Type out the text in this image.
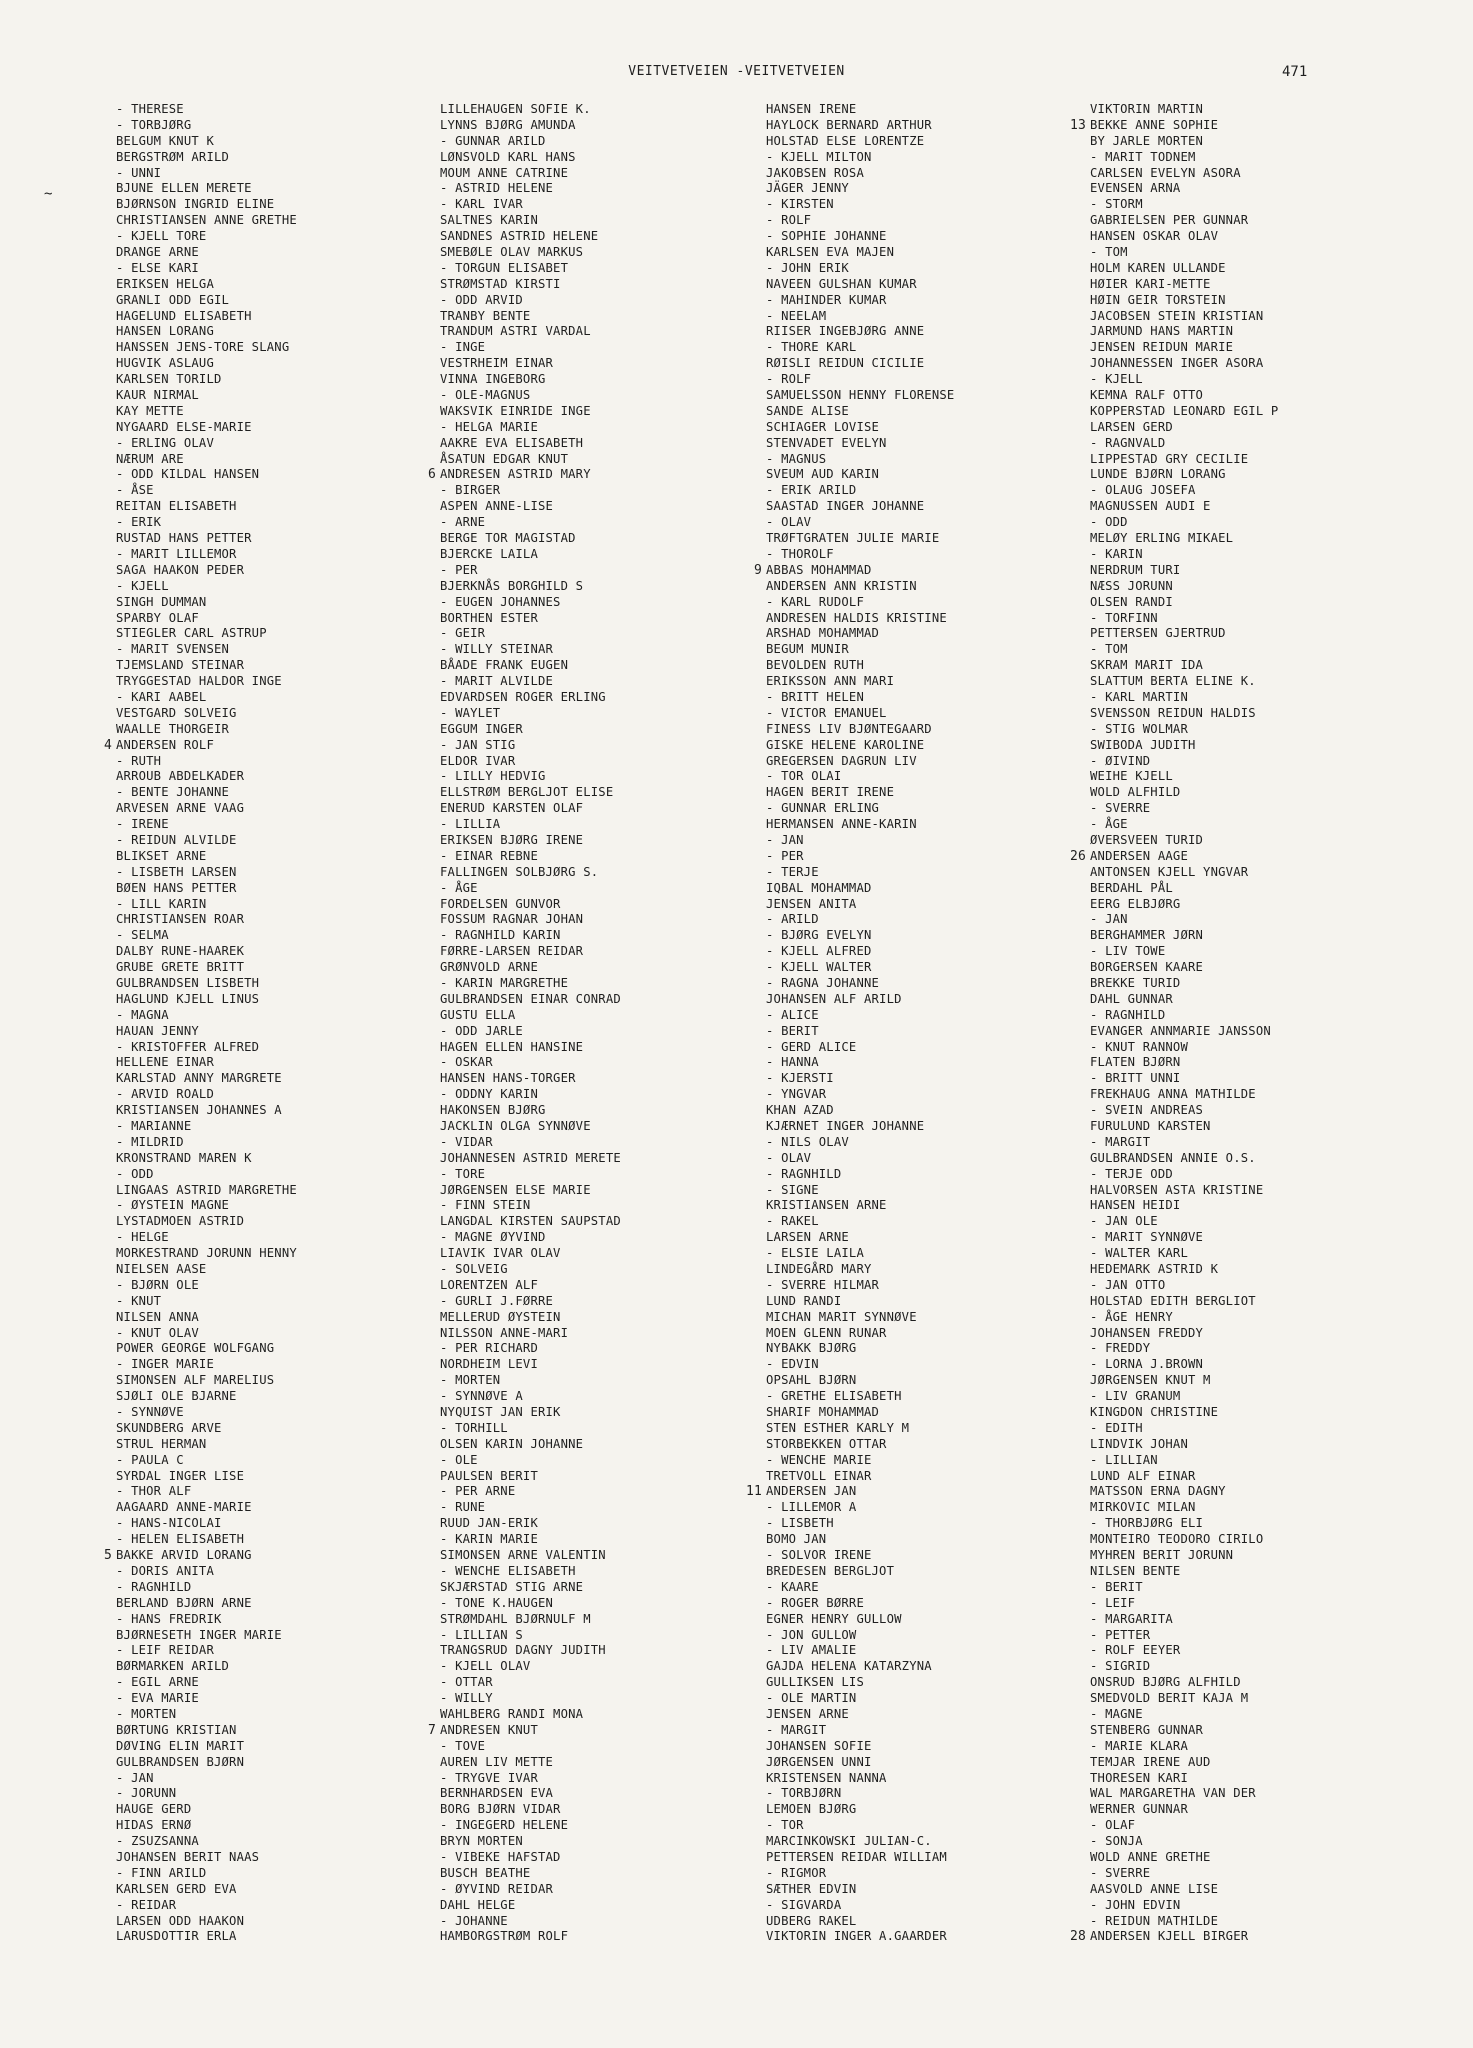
VEITVETVEIEN -VEITVETVEIEN	471
~
- THERESE
- TORBJØRG
BELGUM KNUT K
BERGSTRØM ARILD
- UNNI
BJUNE ELLEN MERETE
BJØRNSON INGRID ELINE
CHRISTIANSEN ANNE GRETHE
- KJELL TORE
DRANGE ARNE
- ELSE KARI
ERIKSEN HELGA
GRANLI ODD EGIL
HAGELUND ELISABETH
HANSEN LORANG
HANSSEN JENS-TORE SLANG
HUGVIK ASLAUG
KARLSEN TORILD
KAUR NIRMAL
KAY METTE
NYGAARD ELSE-MARIE
- ERLING OLAV
NÆRUM ARE
- ODD KILDAL HANSEN
- ÅSE
REITAN ELISABETH
- ERIK
RUSTAD HANS PETTER
- MARIT LILLEMOR
SAGA HAAKON PEDER
- KJELL
SINGH DUMMAN
SPARBY OLAF
STIEGLER CARL ASTRUP
- MARIT SVENSEN
TJEMSLAND STEINAR
TRYGGESTAD HALDOR INGE
- KARI AABEL
VESTGARD SOLVEIG
WAALLE THORGEIR
4 ANDERSEN ROLF
- RUTH
ARROUB ABDELKADER
- BENTE JOHANNE
ARVESEN ARNE VAAG
- IRENE
- REIDUN ALVILDE
BLIKSET ARNE
- LISBETH LARSEN
BØEN HANS PETTER
- LILL KARIN
CHRISTIANSEN ROAR
- SELMA
DALBY RUNE-HAAREK
GRUBE GRETE BRITT
GULBRANDSEN LISBETH
HAGLUND KJELL LINUS
- MAGNA
HAUAN JENNY
- KRISTOFFER ALFRED
HELLENE EINAR
KARLSTAD ANNY MARGRETE
- ARVID ROALD
KRISTIANSEN JOHANNES A
- MARIANNE
- MILDRID
KRONSTRAND MAREN K
- ODD
LINGAAS ASTRID MARGRETHE
- ØYSTEIN MAGNE
LYSTADMOEN ASTRID
- HELGE
MORKESTRAND JORUNN HENNY
NIELSEN AASE
- BJØRN OLE
- KNUT
NILSEN ANNA
- KNUT OLAV
POWER GEORGE WOLFGANG
- INGER MARIE
SIMONSEN ALF MARELIUS
SJØLI OLE BJARNE
- SYNNØVE
SKUNDBERG ARVE
STRUL HERMAN
- PAULA C
SYRDAL INGER LISE
- THOR ALF
AAGAARD ANNE-MARIE
- HANS-NICOLAI
- HELEN ELISABETH
5 BAKKE ARVID LORANG
- DORIS ANITA
- RAGNHILD
BERLAND BJØRN ARNE
- HANS FREDRIK
BJØRNESETH INGER MARIE
- LEIF REIDAR
BØRMARKEN ARILD
- EGIL ARNE
- EVA MARIE
- MORTEN
BØRTUNG KRISTIAN
DØVING ELIN MARIT
GULBRANDSEN BJØRN
- JAN
- JORUNN
HAUGE GERD
HIDAS ERNØ
- ZSUZSANNA
JOHANSEN BERIT NAAS
- FINN ARILD
KARLSEN GERD EVA
- REIDAR
LARSEN ODD HAAKON
LARUSDOTTIR ERLA
LILLEHAUGEN SOFIE K.
LYNNS BJØRG AMUNDA
- GUNNAR ARILD
LØNSVOLD KARL HANS
MOUM ANNE CATRINE
- ASTRID HELENE
- KARL IVAR
SALTNES KARIN
SANDNES ASTRID HELENE
SMEBØLE OLAV MARKUS
- TORGUN ELISABET
STRØMSTAD KIRSTI
- ODD ARVID
TRANBY BENTE
TRANDUM ASTRI VARDAL
- INGE
VESTRHEIM EINAR
VINNA INGEBORG
- OLE-MAGNUS
WAKSVIK EINRIDE INGE
- HELGA MARIE
AAKRE EVA ELISABETH
ÅSATUN EDGAR KNUT
6 ANDRESEN ASTRID MARY
- BIRGER
ASPEN ANNE-LISE
- ARNE
BERGE TOR MAGISTAD
BJERCKE LAILA
- PER
BJERKNÅS BORGHILD S
- EUGEN JOHANNES
BORTHEN ESTER
- GEIR
- WILLY STEINAR
BÅADE FRANK EUGEN
- MARIT ALVILDE
EDVARDSEN ROGER ERLING
- WAYLET
EGGUM INGER
- JAN STIG
ELDOR IVAR
- LILLY HEDVIG
ELLSTRØM BERGLJOT ELISE
ENERUD KARSTEN OLAF
- LILLIA
ERIKSEN BJØRG IRENE
- EINAR REBNE
FALLINGEN SOLBJØRG S.
- ÅGE
FORDELSEN GUNVOR
FOSSUM RAGNAR JOHAN
- RAGNHILD KARIN
FØRRE-LARSEN REIDAR
GRØNVOLD ARNE
- KARIN MARGRETHE
GULBRANDSEN EINAR CONRAD
GUSTU ELLA
- ODD JARLE
HAGEN ELLEN HANSINE
- OSKAR
HANSEN HANS-TORGER
- ODDNY KARIN
HAKONSEN BJØRG
JACKLIN OLGA SYNNØVE
- VIDAR
JOHANNESEN ASTRID MERETE
- TORE
JØRGENSEN ELSE MARIE
- FINN STEIN
LANGDAL KIRSTEN SAUPSTAD
- MAGNE ØYVIND
LIAVIK IVAR OLAV
- SOLVEIG
LORENTZEN ALF
- GURLI J.FØRRE
MELLERUD ØYSTEIN
NILSSON ANNE-MARI
- PER RICHARD
NORDHEIM LEVI
- MORTEN
- SYNNØVE A
NYQUIST JAN ERIK
- TORHILL
OLSEN KARIN JOHANNE
- OLE
PAULSEN BERIT
- PER ARNE
- RUNE
RUUD JAN-ERIK
- KARIN MARIE
SIMONSEN ARNE VALENTIN
- WENCHE ELISABETH
SKJÆRSTAD STIG ARNE
- TONE K.HAUGEN
STRØMDAHL BJØRNULF M
- LILLIAN S
TRANGSRUD DAGNY JUDITH
- KJELL OLAV
- OTTAR
- WILLY
WAHLBERG RANDI MONA
7 ANDRESEN KNUT
- TOVE
AUREN LIV METTE
- TRYGVE IVAR
BERNHARDSEN EVA
BORG BJØRN VIDAR
- INGEGERD HELENE
BRYN MORTEN
- VIBEKE HAFSTAD
BUSCH BEATHE
- ØYVIND REIDAR
DAHL HELGE
- JOHANNE
HAMBORGSTRØM ROLF
HANSEN IRENE
HAYLOCK BERNARD ARTHUR
HOLSTAD ELSE LORENTZE
- KJELL MILTON
JAKOBSEN ROSA
JÄGER JENNY
- KIRSTEN
- ROLF
- SOPHIE JOHANNE
KARLSEN EVA MAJEN
- JOHN ERIK
NAVEEN GULSHAN KUMAR
- MAHINDER KUMAR
- NEELAM
RIISER INGEBJØRG ANNE
- THORE KARL
RØISLI REIDUN CICILIE
- ROLF
SAMUELSSON HENNY FLORENSE
SANDE ALISE
SCHIAGER LOVISE
STENVADET EVELYN
- MAGNUS
SVEUM AUD KARIN
- ERIK ARILD
SAASTAD INGER JOHANNE
- OLAV
TRØFTGRATEN JULIE MARIE
- THOROLF
9 ABBAS MOHAMMAD
ANDERSEN ANN KRISTIN
- KARL RUDOLF
ANDRESEN HALDIS KRISTINE
ARSHAD MOHAMMAD
BEGUM MUNIR
BEVOLDEN RUTH
ERIKSSON ANN MARI
- BRITT HELEN
- VICTOR EMANUEL
FINESS LIV BJØNTEGAARD
GISKE HELENE KAROLINE
GREGERSEN DAGRUN LIV
- TOR OLAI
HAGEN BERIT IRENE
- GUNNAR ERLING
HERMANSEN ANNE-KARIN
- JAN
- PER
- TERJE
IQBAL MOHAMMAD
JENSEN ANITA
- ARILD
- BJØRG EVELYN
- KJELL ALFRED
- KJELL WALTER
- RAGNA JOHANNE
JOHANSEN ALF ARILD
- ALICE
- BERIT
- GERD ALICE
- HANNA
- KJERSTI
- YNGVAR
KHAN AZAD
KJÆRNET INGER JOHANNE
- NILS OLAV
- OLAV
- RAGNHILD
- SIGNE
KRISTIANSEN ARNE
- RAKEL
LARSEN ARNE
- ELSIE LAILA
LINDEGÅRD MARY
- SVERRE HILMAR
LUND RANDI
MICHAN MARIT SYNNØVE
MOEN GLENN RUNAR
NYBAKK BJØRG
- EDVIN
OPSAHL BJØRN
- GRETHE ELISABETH
SHARIF MOHAMMAD
STEN ESTHER KARLY M
STORBEKKEN OTTAR
- WENCHE MARIE
TRETVOLL EINAR
11 ANDERSEN JAN
- LILLEMOR A
- LISBETH
BOMO JAN
- SOLVOR IRENE
BREDESEN BERGLJOT
- KAARE
- ROGER BØRRE
EGNER HENRY GULLOW
- JON GULLOW
- LIV AMALIE
GAJDA HELENA KATARZYNA
GULLIKSEN LIS
- OLE MARTIN
JENSEN ARNE
- MARGIT
JOHANSEN SOFIE
JØRGENSEN UNNI
KRISTENSEN NANNA
- TORBJØRN
LEMOEN BJØRG
- TOR
MARCINKOWSKI JULIAN-C.
PETTERSEN REIDAR WILLIAM
- RIGMOR
SÆTHER EDVIN
- SIGVARDA
UDBERG RAKEL
VIKTORIN INGER A.GAARDER
VIKTORIN MARTIN
13 BEKKE ANNE SOPHIE
BY JARLE MORTEN
- MARIT TODNEM
CARLSEN EVELYN ASORA
EVENSEN ARNA
- STORM
GABRIELSEN PER GUNNAR
HANSEN OSKAR OLAV
- TOM
HOLM KAREN ULLANDE
HØIER KARI-METTE
HØIN GEIR TORSTEIN
JACOBSEN STEIN KRISTIAN
JARMUND HANS MARTIN
JENSEN REIDUN MARIE
JOHANNESSEN INGER ASORA
- KJELL
KEMNA RALF OTTO
KOPPERSTAD LEONARD EGIL P
LARSEN GERD
- RAGNVALD
LIPPESTAD GRY CECILIE
LUNDE BJØRN LORANG
- OLAUG JOSEFA
MAGNUSSEN AUDI E
- ODD
MELØY ERLING MIKAEL
- KARIN
NERDRUM TURI
NÆSS JORUNN
OLSEN RANDI
- TORFINN
PETTERSEN GJERTRUD
- TOM
SKRAM MARIT IDA
SLATTUM BERTA ELINE K.
- KARL MARTIN
SVENSSON REIDUN HALDIS
- STIG WOLMAR
SWIBODA JUDITH
- ØIVIND
WEIHE KJELL
WOLD ALFHILD
- SVERRE
- ÅGE
ØVERSVEEN TURID
26 ANDERSEN AAGE
ANTONSEN KJELL YNGVAR
BERDAHL PÅL
EERG ELBJØRG
- JAN
BERGHAMMER JØRN
- LIV TOWE
BORGERSEN KAARE
BREKKE TURID
DAHL GUNNAR
- RAGNHILD
EVANGER ANNMARIE JANSSON
- KNUT RANNOW
FLATEN BJØRN
- BRITT UNNI
FREKHAUG ANNA MATHILDE
- SVEIN ANDREAS
FURULUND KARSTEN
- MARGIT
GULBRANDSEN ANNIE O.S.
- TERJE ODD
HALVORSEN ASTA KRISTINE
HANSEN HEIDI
- JAN OLE
- MARIT SYNNØVE
- WALTER KARL
HEDEMARK ASTRID K
- JAN OTTO
HOLSTAD EDITH BERGLIOT
- ÅGE HENRY
JOHANSEN FREDDY
- FREDDY
- LORNA J.BROWN
JØRGENSEN KNUT M
- LIV GRANUM
KINGDON CHRISTINE
- EDITH
LINDVIK JOHAN
- LILLIAN
LUND ALF EINAR
MATSSON ERNA DAGNY
MIRKOVIC MILAN
- THORBJØRG ELI
MONTEIRO TEODORO CIRILO
MYHREN BERIT JORUNN
NILSEN BENTE
- BERIT
- LEIF
- MARGARITA
- PETTER
- ROLF EEYER
- SIGRID
ONSRUD BJØRG ALFHILD
SMEDVOLD BERIT KAJA M
- MAGNE
STENBERG GUNNAR
- MARIE KLARA
TEMJAR IRENE AUD
THORESEN KARI
WAL MARGARETHA VAN DER
WERNER GUNNAR
- OLAF
- SONJA
WOLD ANNE GRETHE
- SVERRE
AASVOLD ANNE LISE
- JOHN EDVIN
- REIDUN MATHILDE
28 ANDERSEN KJELL BIRGER
